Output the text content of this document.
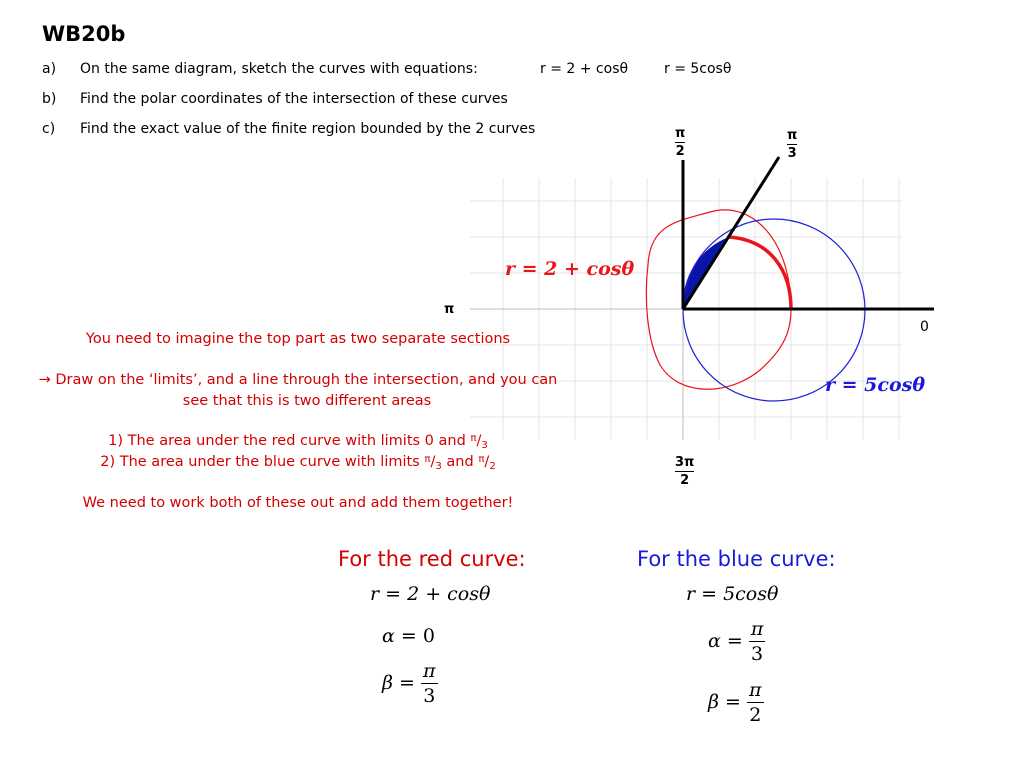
WB20b
a) On the same diagram, sketch the curves with equations:	r = 2 + cosθ	r = 5cosθ
b) Find the polar coordinates of the intersection of these curves
c) Find the exact value of the finite region bounded by the 2 curves	π
2
π
3
π
0
3π
2
r = 2 + cosθ
r = 5cosθ
You need to imagine the top part as two separate sections
→ Draw on the ‘limits’, and a line through the intersection, and you can
see that this is two different areas
1) The area under the red curve with limits 0 and $^\pi/_3$
2) The area under the blue curve with limits $^\pi/_3$ and $^\pi/_2$
We need to work both of these out and add them together!
For the red curve:
r = 2 + cosθ
α = 0
$\beta = \frac{\pi}{3}$
For the blue curve:
r = 5cosθ
$\alpha = \frac{\pi}{3}$
$\beta = \frac{\pi}{2}$
